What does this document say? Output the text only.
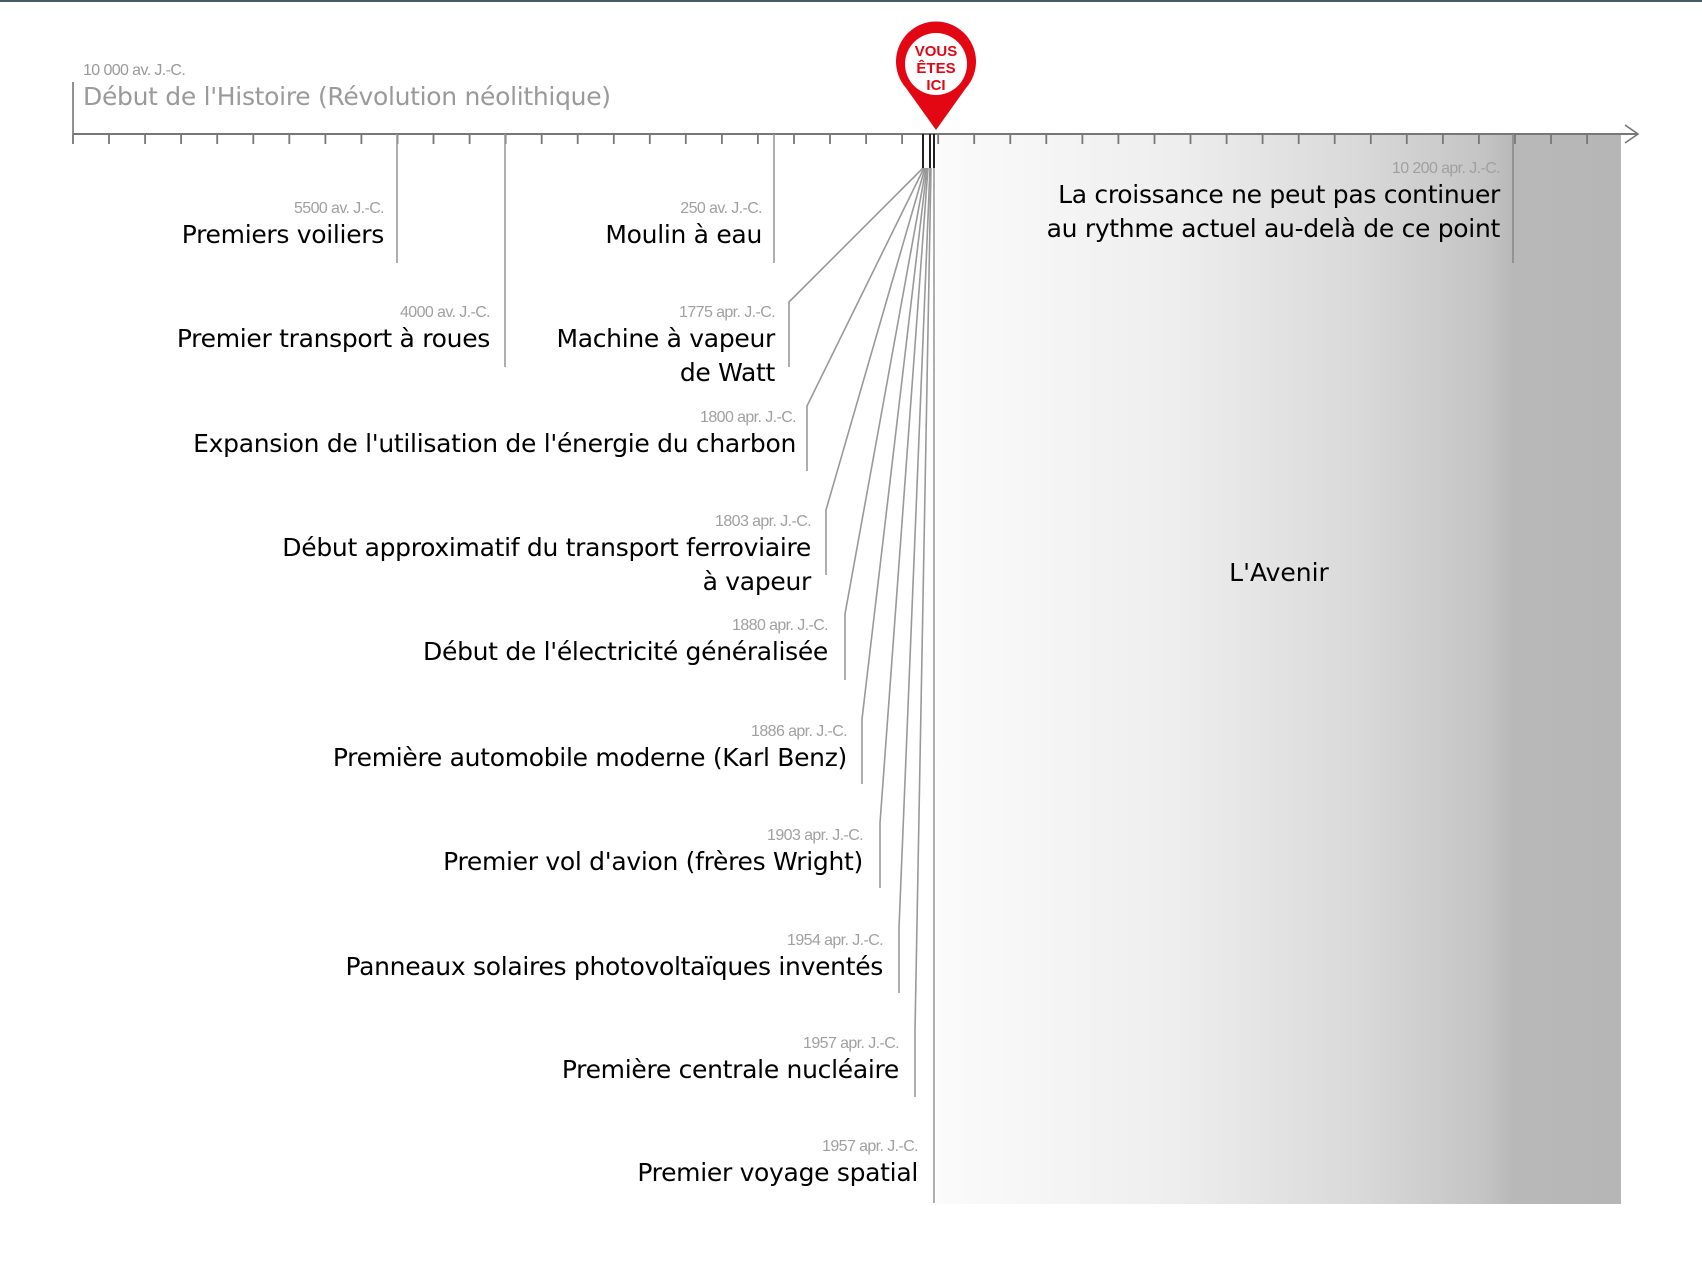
VOUS
ÊTES
ICI
10 000 av. J.-C.
Début de l'Histoire (Révolution néolithique)
5500 av. J.-C.
Premiers voiliers
4000 av. J.-C.
Premier transport à roues
250 av. J.-C.
Moulin à eau
1775 apr. J.-C.
Machine à vapeur
de Watt
1800 apr. J.-C.
Expansion de l'utilisation de l'énergie du charbon
1803 apr. J.-C.
Début approximatif du transport ferroviaire
à vapeur
1880 apr. J.-C.
Début de l'électricité généralisée
1886 apr. J.-C.
Première automobile moderne (Karl Benz)
1903 apr. J.-C.
Premier vol d'avion (frères Wright)
1954 apr. J.-C.
Panneaux solaires photovoltaïques inventés
1957 apr. J.-C.
Première centrale nucléaire
1957 apr. J.-C.
Premier voyage spatial
10 200 apr. J.-C.
La croissance ne peut pas continuer
au rythme actuel au-delà de ce point
L'Avenir
